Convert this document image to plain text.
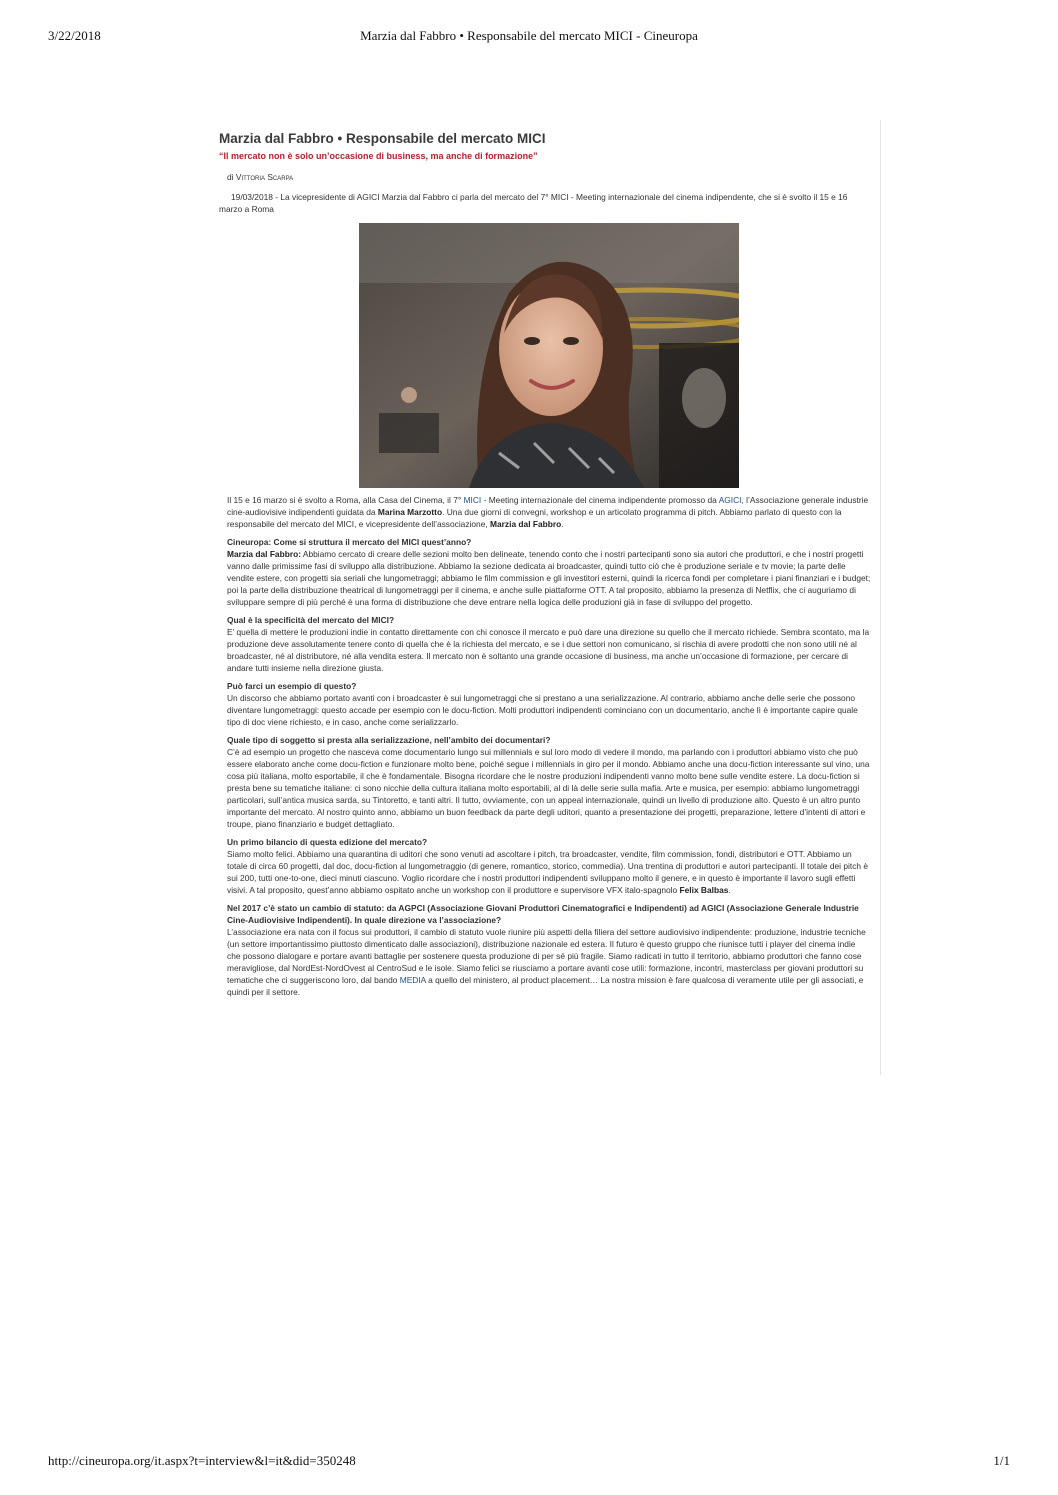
3/22/2018	Marzia dal Fabbro • Responsabile del mercato MICI - Cineuropa
Marzia dal Fabbro • Responsabile del mercato MICI
“Il mercato non è solo un’occasione di business, ma anche di formazione”
di Vittoria Scarpa
19/03/2018 - La vicepresidente di AGICI Marzia dal Fabbro ci parla del mercato del 7° MICI - Meeting internazionale del cinema indipendente, che si è svolto il 15 e 16 marzo a Roma

Il 15 e 16 marzo si è svolto a Roma, alla Casa del Cinema, il 7° MICI - Meeting internazionale del cinema indipendente promosso da AGICI, l’Associazione generale industrie cine-audiovisive indipendenti guidata da Marina Marzotto. Una due giorni di convegni, workshop e un articolato programma di pitch. Abbiamo parlato di questo con la responsabile del mercato del MICI, e vicepresidente dell’associazione, Marzia dal Fabbro.

Cineuropa: Come si struttura il mercato del MICI quest’anno?

Marzia dal Fabbro: Abbiamo cercato di creare delle sezioni molto ben delineate, tenendo conto che i nostri partecipanti sono sia autori che produttori, e che i nostri progetti vanno dalle primissime fasi di sviluppo alla distribuzione. Abbiamo la sezione dedicata ai broadcaster, quindi tutto ciò che è produzione seriale e tv movie; la parte delle vendite estere, con progetti sia seriali che lungometraggi; abbiamo le film commission e gli investitori esterni, quindi la ricerca fondi per completare i piani finanziari e i budget; poi la parte della distribuzione theatrical di lungometraggi per il cinema, e anche sulle piattaforme OTT. A tal proposito, abbiamo la presenza di Netflix, che ci auguriamo di sviluppare sempre di più perché è una forma di distribuzione che deve entrare nella logica delle produzioni già in fase di sviluppo del progetto.

Qual è la specificità del mercato del MICI?

E’ quella di mettere le produzioni indie in contatto direttamente con chi conosce il mercato e può dare una direzione su quello che il mercato richiede. Sembra scontato, ma la produzione deve assolutamente tenere conto di quella che è la richiesta del mercato, e se i due settori non comunicano, si rischia di avere prodotti che non sono utili né al broadcaster, né al distributore, né alla vendita estera. Il mercato non è soltanto una grande occasione di business, ma anche un’occasione di formazione, per cercare di andare tutti insieme nella direzione giusta.

Può farci un esempio di questo?

Un discorso che abbiamo portato avanti con i broadcaster è sui lungometraggi che si prestano a una serializzazione. Al contrario, abbiamo anche delle serie che possono diventare lungometraggi: questo accade per esempio con le docu-fiction. Molti produttori indipendenti cominciano con un documentario, anche lì è importante capire quale tipo di doc viene richiesto, e in caso, anche come serializzarlo.

Quale tipo di soggetto si presta alla serializzazione, nell’ambito dei documentari?

C’è ad esempio un progetto che nasceva come documentario lungo sui millennials e sul loro modo di vedere il mondo, ma parlando con i produttori abbiamo visto che può essere elaborato anche come docu-fiction e funzionare molto bene, poiché segue i millennials in giro per il mondo. Abbiamo anche una docu-fiction interessante sul vino, una cosa più italiana, molto esportabile, il che è fondamentale. Bisogna ricordare che le nostre produzioni indipendenti vanno molto bene sulle vendite estere. La docu-fiction si presta bene su tematiche italiane: ci sono nicchie della cultura italiana molto esportabili, al di là delle serie sulla mafia. Arte e musica, per esempio: abbiamo lungometraggi particolari, sull’antica musica sarda, su Tintoretto, e tanti altri. Il tutto, ovviamente, con un appeal internazionale, quindi un livello di produzione alto. Questo è un altro punto importante del mercato. Al nostro quinto anno, abbiamo un buon feedback da parte degli uditori, quanto a presentazione dei progetti, preparazione, lettere d’intenti di attori e troupe, piano finanziario e budget dettagliato.

Un primo bilancio di questa edizione del mercato?

Siamo molto felici. Abbiamo una quarantina di uditori che sono venuti ad ascoltare i pitch, tra broadcaster, vendite, film commission, fondi, distributori e OTT. Abbiamo un totale di circa 60 progetti, dal doc, docu-fiction al lungometraggio (di genere, romantico, storico, commedia). Una trentina di produttori e autori partecipanti. Il totale dei pitch è sui 200, tutti one-to-one, dieci minuti ciascuno. Voglio ricordare che i nostri produttori indipendenti sviluppano molto il genere, e in questo è importante il lavoro sugli effetti visivi. A tal proposito, quest’anno abbiamo ospitato anche un workshop con il produttore e supervisore VFX italo-spagnolo Felix Balbas.

Nel 2017 c’è stato un cambio di statuto: da AGPCI (Associazione Giovani Produttori Cinematografici e Indipendenti) ad AGICI (Associazione Generale Industrie Cine-Audiovisive Indipendenti). In quale direzione va l’associazione?

L’associazione era nata con il focus sui produttori, il cambio di statuto vuole riunire più aspetti della filiera del settore audiovisivo indipendente: produzione, industrie tecniche (un settore importantissimo piuttosto dimenticato dalle associazioni), distribuzione nazionale ed estera. Il futuro è questo gruppo che riunisce tutti i player del cinema indie che possono dialogare e portare avanti battaglie per sostenere questa produzione di per sé più fragile. Siamo radicati in tutto il territorio, abbiamo produttori che fanno cose meravigliose, dal NordEst-NordOvest al CentroSud e le isole. Siamo felici se riusciamo a portare avanti cose utili: formazione, incontri, masterclass per giovani produttori su tematiche che ci suggeriscono loro, dal bando MEDIA a quello del ministero, al product placement… La nostra mission è fare qualcosa di veramente utile per gli associati, e quindi per il settore.

http://cineuropa.org/it.aspx?t=interview&l=it&did=350248	1/1
